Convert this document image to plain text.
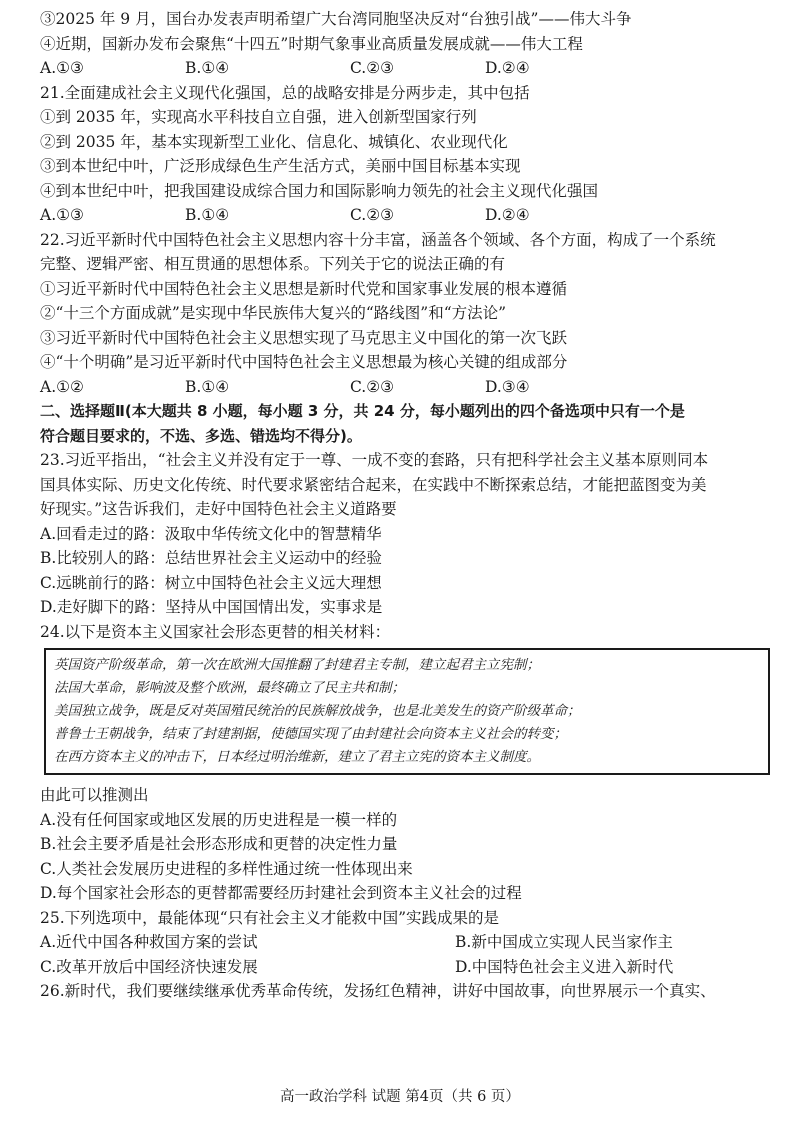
③2025 年 9 月，国台办发表声明希望广大台湾同胞坚决反对“台独引战”——伟大斗争
④近期，国新办发布会聚焦“十四五”时期气象事业高质量发展成就——伟大工程
A.①③	B.①④	C.②③	D.②④
21.全面建成社会主义现代化强国，总的战略安排是分两步走，其中包括
①到 2035 年，实现高水平科技自立自强，进入创新型国家行列
②到 2035 年，基本实现新型工业化、信息化、城镇化、农业现代化
③到本世纪中叶，广泛形成绿色生产生活方式，美丽中国目标基本实现
④到本世纪中叶，把我国建设成综合国力和国际影响力领先的社会主义现代化强国
A.①③	B.①④	C.②③	D.②④
22.习近平新时代中国特色社会主义思想内容十分丰富，涵盖各个领域、各个方面，构成了一个系统
完整、逻辑严密、相互贯通的思想体系。下列关于它的说法正确的有
①习近平新时代中国特色社会主义思想是新时代党和国家事业发展的根本遵循
②“十三个方面成就”是实现中华民族伟大复兴的“路线图”和“方法论”
③习近平新时代中国特色社会主义思想实现了马克思主义中国化的第一次飞跃
④“十个明确”是习近平新时代中国特色社会主义思想最为核心关键的组成部分
A.①②	B.①④	C.②③	D.③④
二、选择题Ⅱ(本大题共 8 小题，每小题 3 分，共 24 分，每小题列出的四个备选项中只有一个是
符合题目要求的，不选、多选、错选均不得分)。
23.习近平指出，“社会主义并没有定于一尊、一成不变的套路，只有把科学社会主义基本原则同本
国具体实际、历史文化传统、时代要求紧密结合起来，在实践中不断探索总结，才能把蓝图变为美
好现实。”这告诉我们，走好中国特色社会主义道路要
A.回看走过的路：汲取中华传统文化中的智慧精华
B.比较别人的路：总结世界社会主义运动中的经验
C.远眺前行的路：树立中国特色社会主义远大理想
D.走好脚下的路：坚持从中国国情出发，实事求是
24.以下是资本主义国家社会形态更替的相关材料：
英国资产阶级革命，第一次在欧洲大国推翻了封建君主专制，建立起君主立宪制；
法国大革命，影响波及整个欧洲，最终确立了民主共和制；
美国独立战争，既是反对英国殖民统治的民族解放战争，也是北美发生的资产阶级革命；
普鲁士王朝战争，结束了封建割据，使德国实现了由封建社会向资本主义社会的转变；
在西方资本主义的冲击下，日本经过明治维新，建立了君主立宪的资本主义制度。
由此可以推测出
A.没有任何国家或地区发展的历史进程是一模一样的
B.社会主要矛盾是社会形态形成和更替的决定性力量
C.人类社会发展历史进程的多样性通过统一性体现出来
D.每个国家社会形态的更替都需要经历封建社会到资本主义社会的过程
25.下列选项中，最能体现“只有社会主义才能救中国”实践成果的是
A.近代中国各种救国方案的尝试	B.新中国成立实现人民当家作主
C.改革开放后中国经济快速发展	D.中国特色社会主义进入新时代
26.新时代，我们要继续继承优秀革命传统，发扬红色精神，讲好中国故事，向世界展示一个真实、
高一政治学科 试题 第4页（共 6 页）
